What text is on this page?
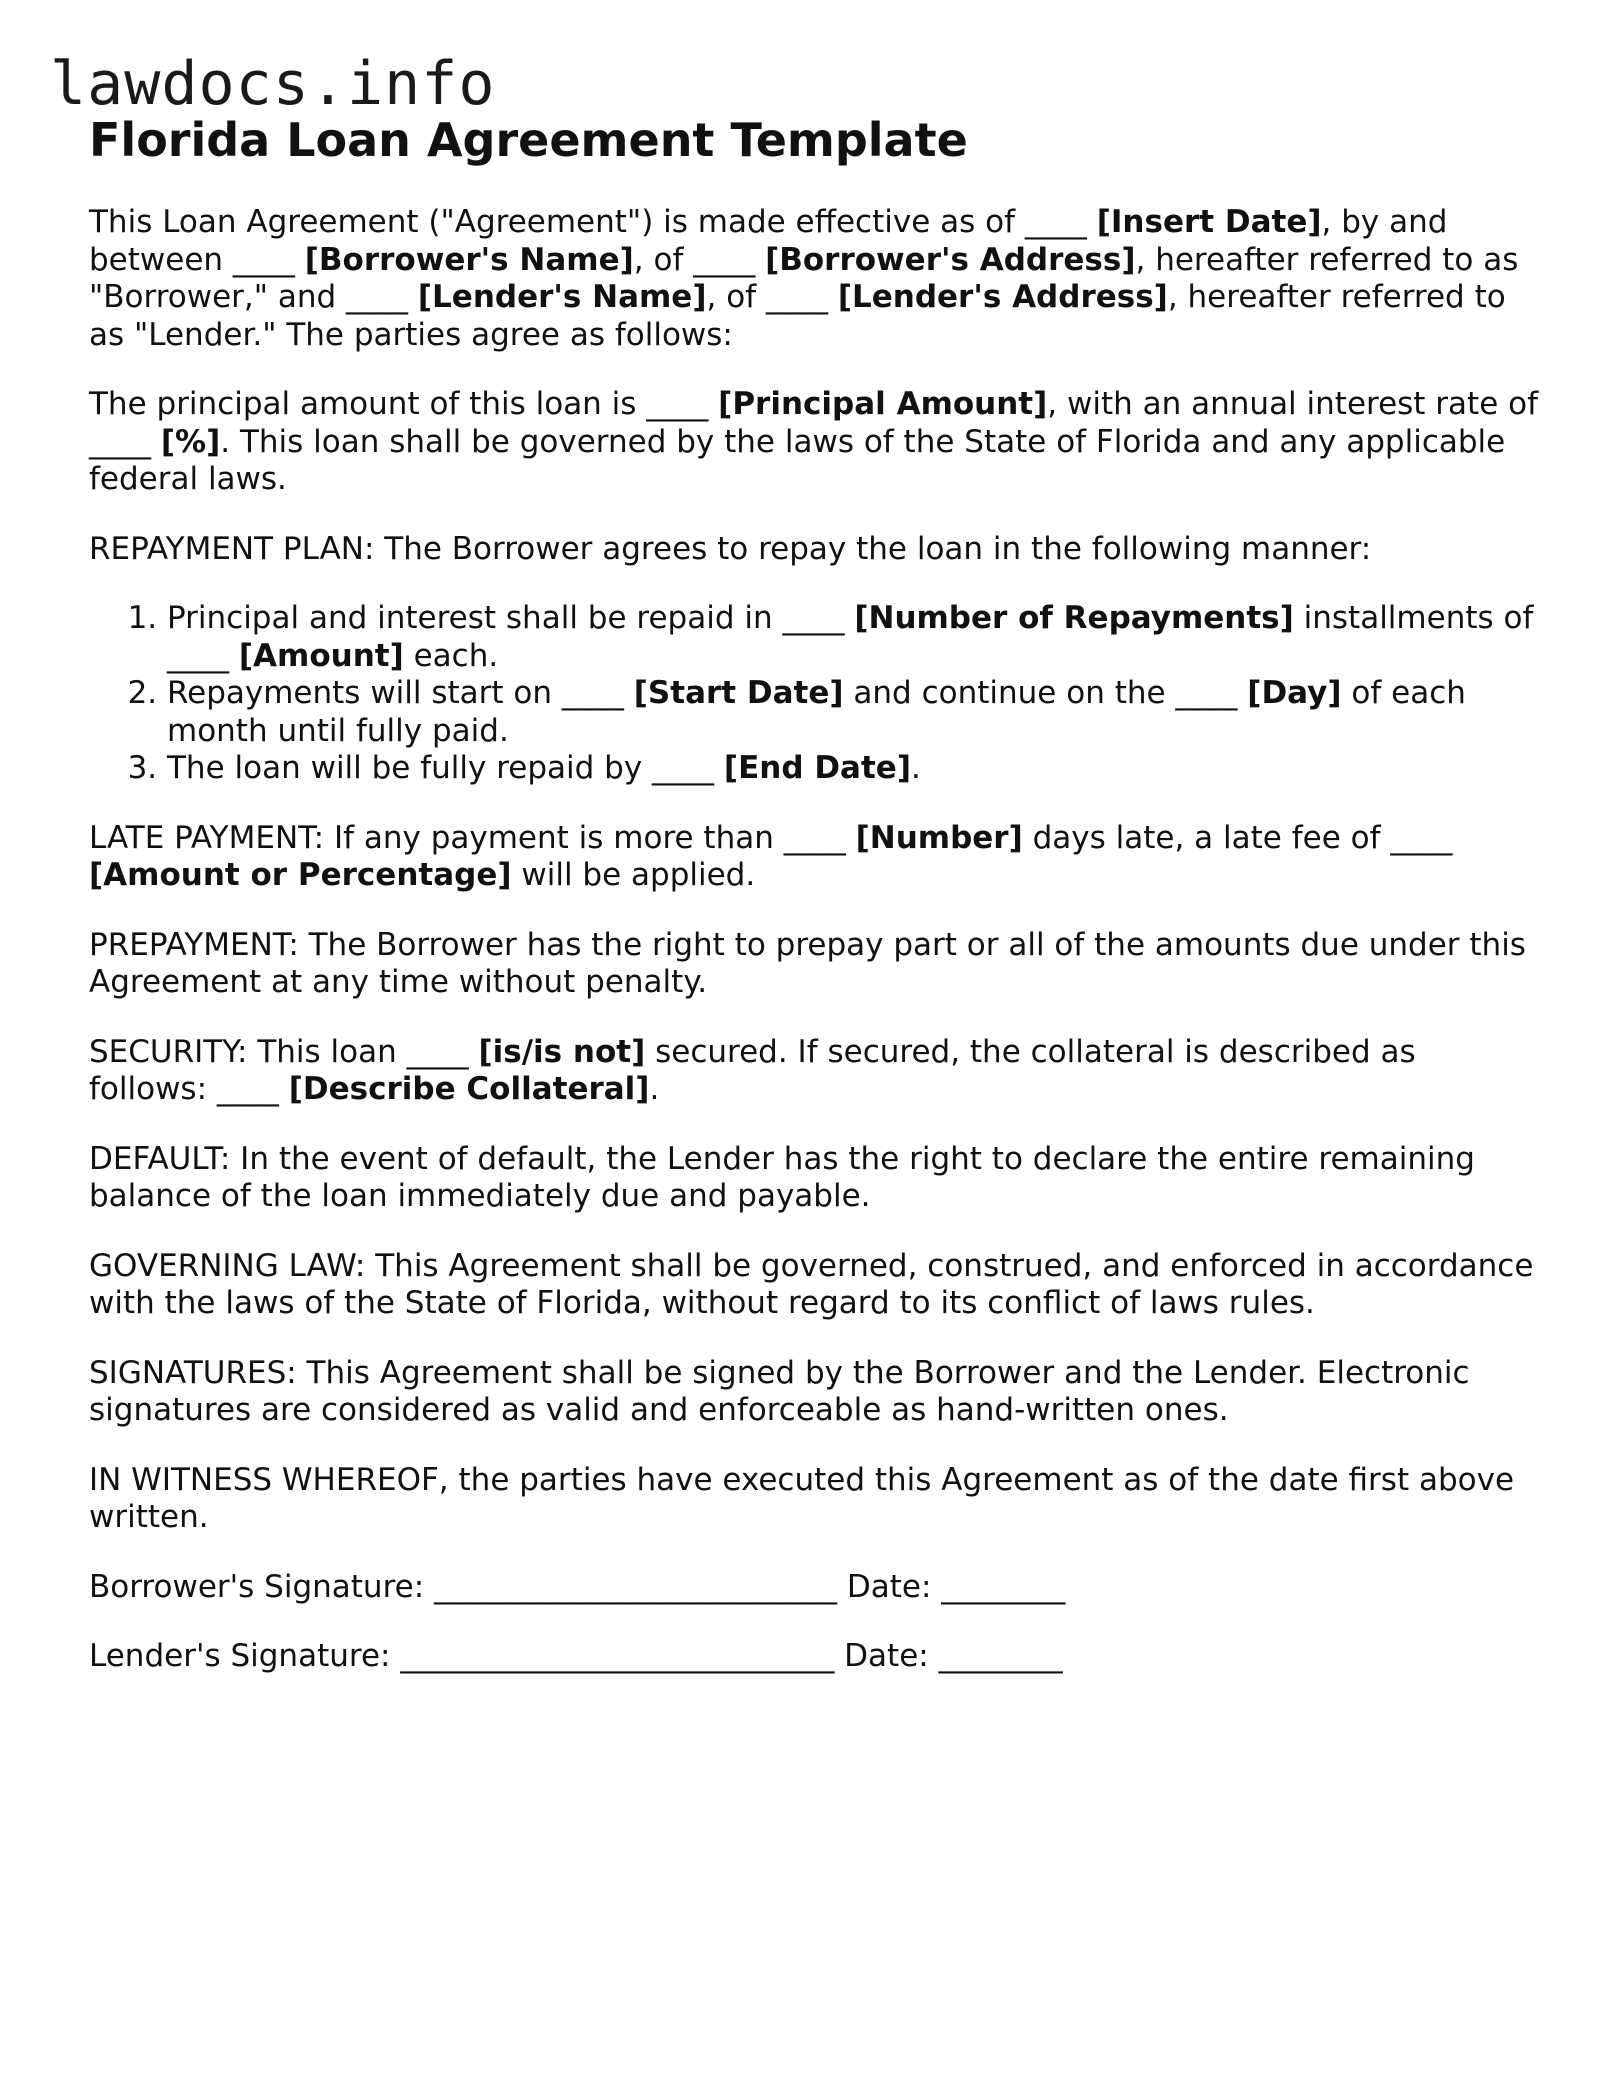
lawdocs.info
Florida Loan Agreement Template

This Loan Agreement ("Agreement") is made effective as of ____ [Insert Date], by and between ____ [Borrower's Name], of ____ [Borrower's Address], hereafter referred to as "Borrower," and ____ [Lender's Name], of ____ [Lender's Address], hereafter referred to as "Lender." The parties agree as follows:

The principal amount of this loan is ____ [Principal Amount], with an annual interest rate of ____ [%]. This loan shall be governed by the laws of the State of Florida and any applicable federal laws.

REPAYMENT PLAN: The Borrower agrees to repay the loan in the following manner:

1. Principal and interest shall be repaid in ____ [Number of Repayments] installments of ____ [Amount] each.
2. Repayments will start on ____ [Start Date] and continue on the ____ [Day] of each month until fully paid.
3. The loan will be fully repaid by ____ [End Date].

LATE PAYMENT: If any payment is more than ____ [Number] days late, a late fee of ____ [Amount or Percentage] will be applied.

PREPAYMENT: The Borrower has the right to prepay part or all of the amounts due under this Agreement at any time without penalty.

SECURITY: This loan ____ [is/is not] secured. If secured, the collateral is described as follows: ____ [Describe Collateral].

DEFAULT: In the event of default, the Lender has the right to declare the entire remaining balance of the loan immediately due and payable.

GOVERNING LAW: This Agreement shall be governed, construed, and enforced in accordance with the laws of the State of Florida, without regard to its conflict of laws rules.

SIGNATURES: This Agreement shall be signed by the Borrower and the Lender. Electronic signatures are considered as valid and enforceable as hand-written ones.

IN WITNESS WHEREOF, the parties have executed this Agreement as of the date first above written.

Borrower's Signature: __________________________ Date: ________

Lender's Signature: ____________________________ Date: ________
